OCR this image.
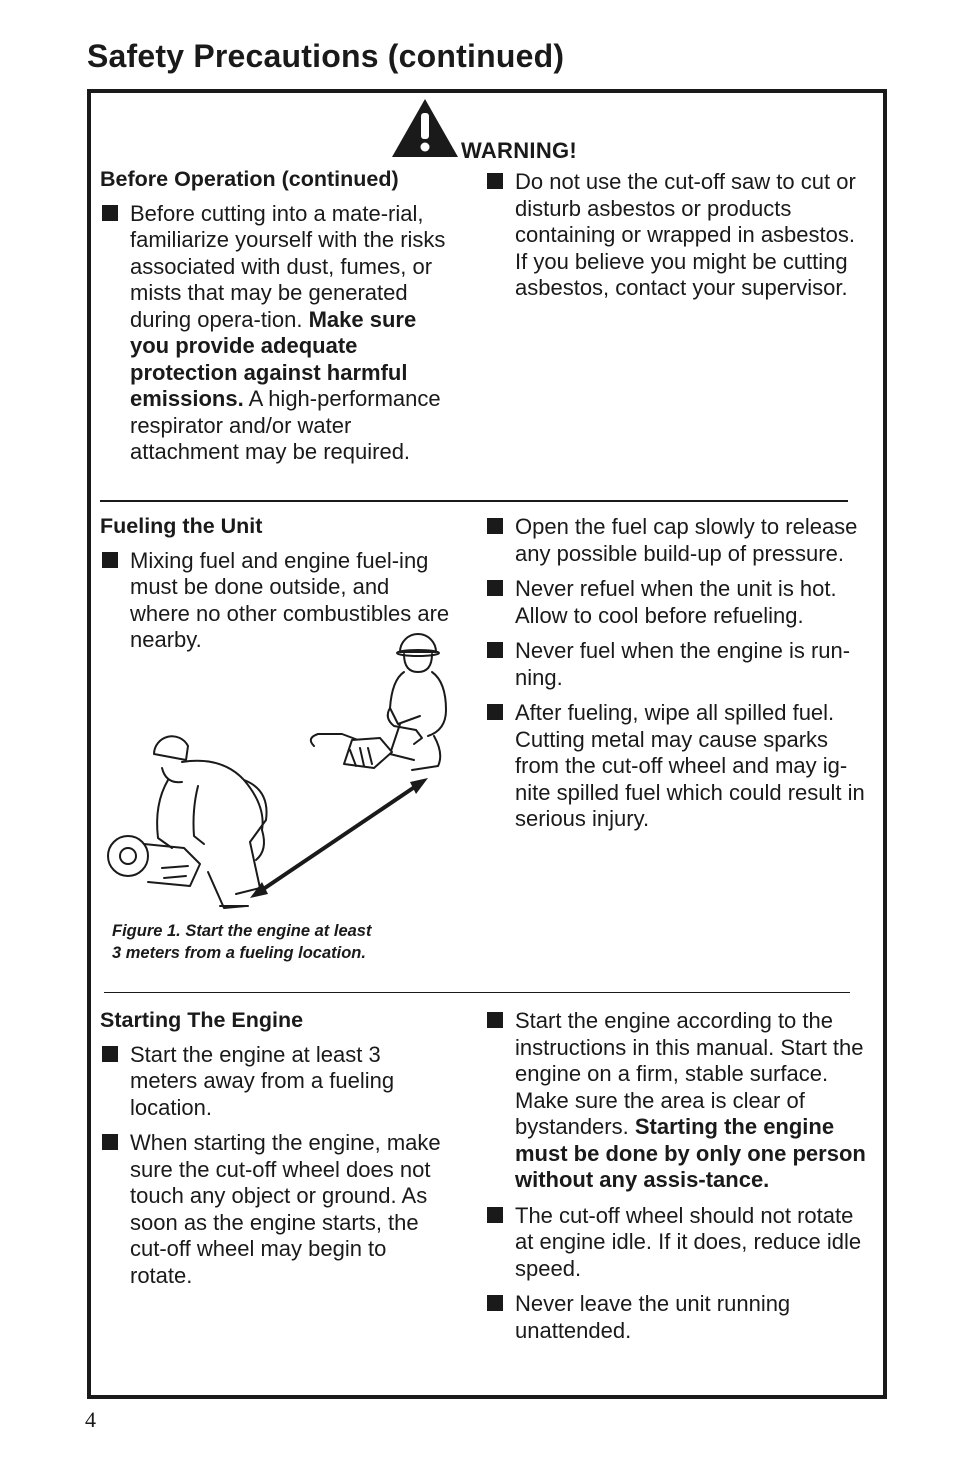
Safety Precautions (continued)
WARNING!

Before Operation (continued)

Before cutting into a mate-rial, familiarize yourself with the risks associated with dust, fumes, or mists that may be generated during opera-tion. Make sure you provide adequate protection against harmful emissions. A high-performance respirator and/or water attachment may be required.
Do not use the cut-off saw to cut or disturb asbestos or products containing or wrapped in asbestos. If you believe you might be cutting asbestos, contact your supervisor.

Fueling the Unit

Mixing fuel and engine fuel-ing must be done outside, and where no other combustibles are nearby.
Figure 1. Start the engine at least
3 meters from a fueling location.
Open the fuel cap slowly to release any possible build-up of pressure.
Never refuel when the unit is hot. Allow to cool before refueling.
Never fuel when the engine is run-ning.
After fueling, wipe all spilled fuel. Cutting metal may cause sparks from the cut-off wheel and may ig-nite spilled fuel which could result in serious injury.

Starting The Engine

Start the engine at least 3 meters away from a fueling location.
When starting the engine, make sure the cut-off wheel does not touch any object or ground. As soon as the engine starts, the cut-off wheel may begin to rotate.
Start the engine according to the instructions in this manual. Start the engine on a firm, stable surface. Make sure the area is clear of bystanders. Starting the engine must be done by only one person without any assis-tance.
The cut-off wheel should not rotate at engine idle. If it does, reduce idle speed.
Never leave the unit running unattended.
4
